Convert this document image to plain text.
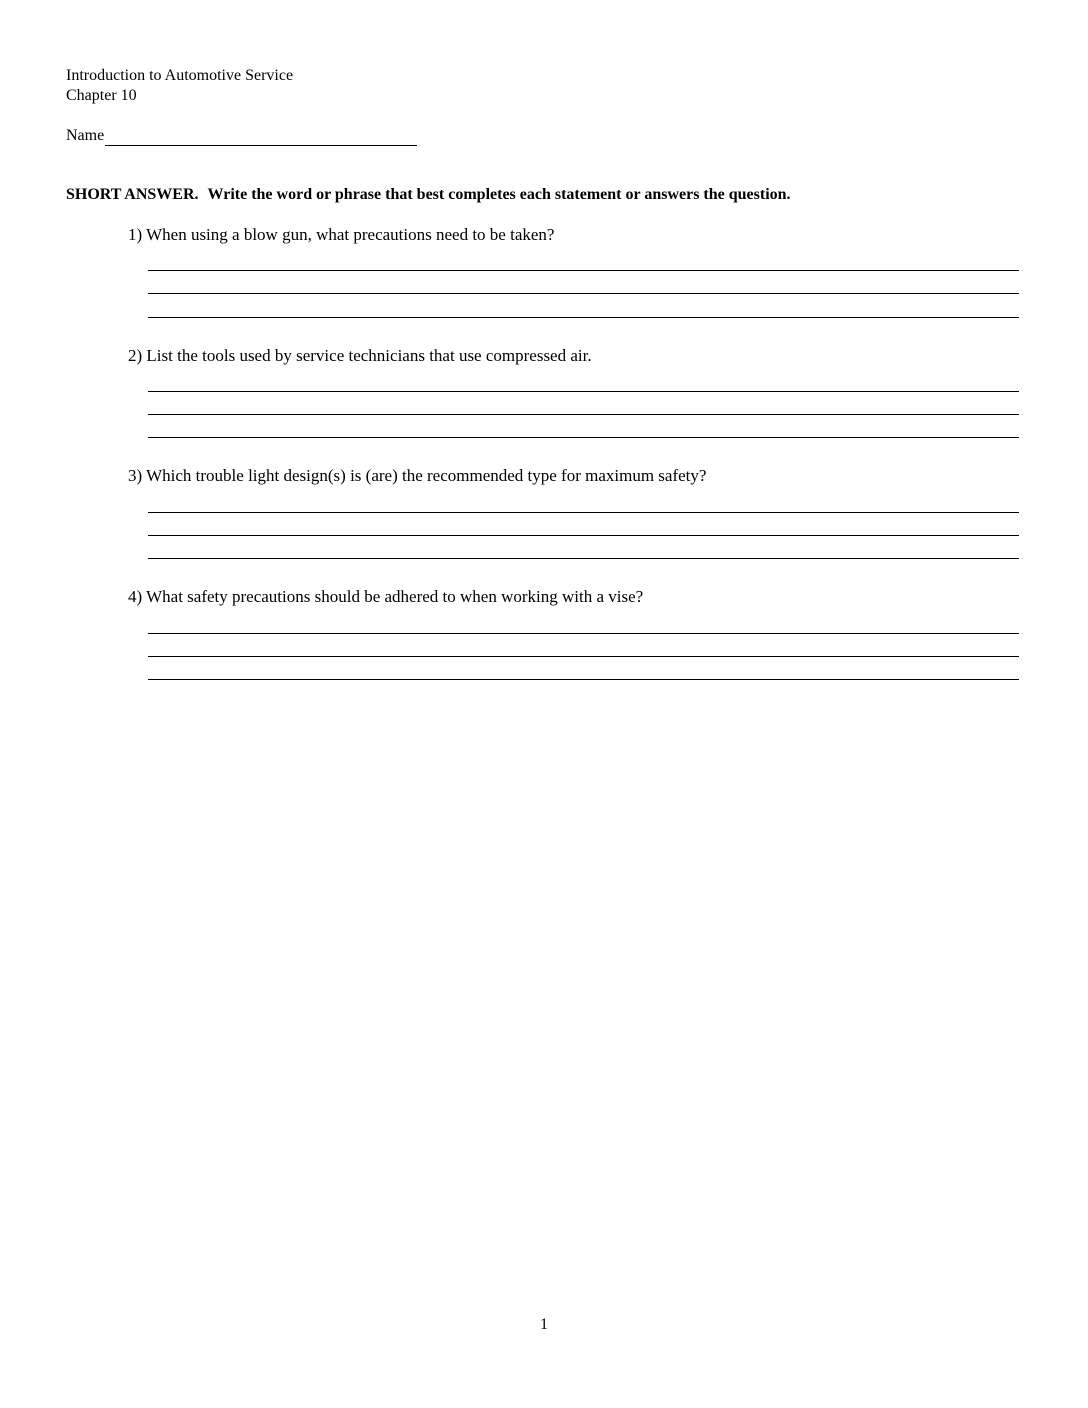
Introduction to Automotive Service
Chapter 10
Name
SHORT ANSWER. Write the word or phrase that best completes each statement or answers the question.
1) When using a blow gun, what precautions need to be taken?
2) List the tools used by service technicians that use compressed air.
3) Which trouble light design(s) is (are) the recommended type for maximum safety?
4) What safety precautions should be adhered to when working with a vise?
1
